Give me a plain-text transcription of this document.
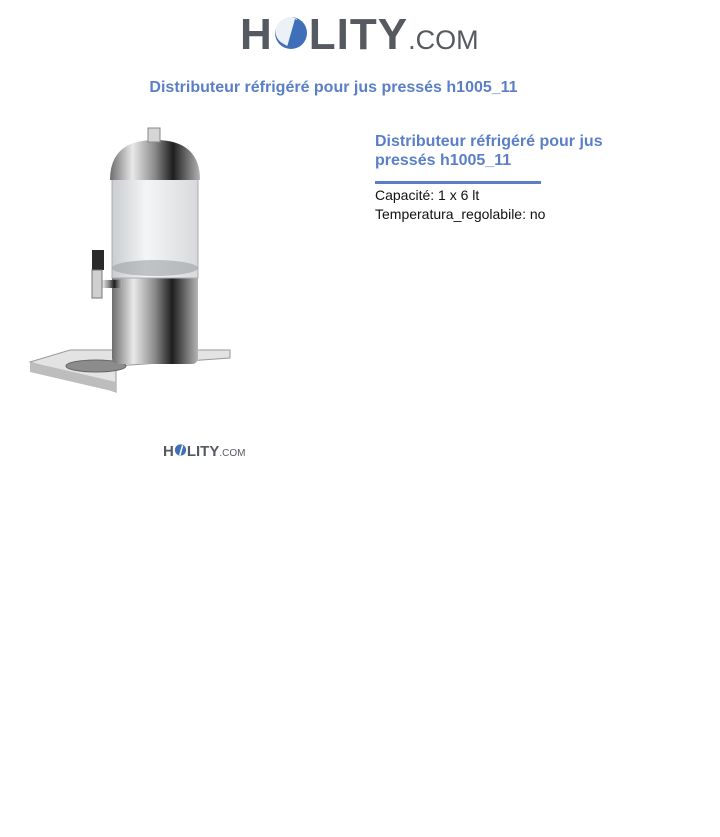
H LITY .COM
Distributeur réfrigéré pour jus pressés h1005_11
Distributeur réfrigéré pour jus pressés h1005_11
Capacité: 1 x 6 lt
Temperatura_regolabile: no
H LITY .COM
